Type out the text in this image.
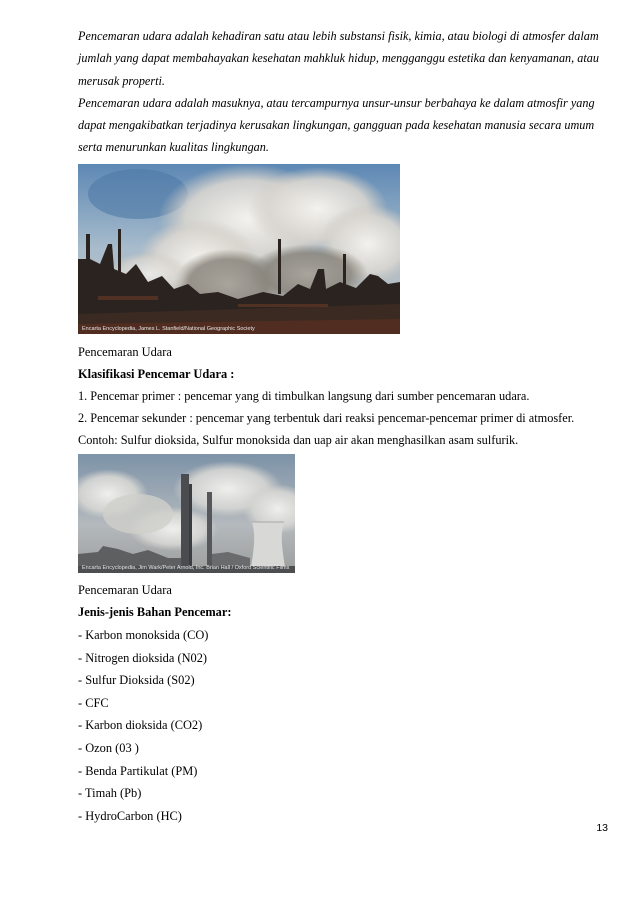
Pencemaran udara adalah kehadiran satu atau lebih substansi fisik, kimia, atau biologi di atmosfer dalam jumlah yang dapat membahayakan kesehatan mahkluk hidup, mengganggu estetika dan kenyamanan, atau merusak properti.

Pencemaran udara adalah masuknya, atau tercampurnya unsur-unsur berbahaya ke dalam atmosfir yang dapat mengakibatkan terjadinya kerusakan lingkungan, gangguan pada kesehatan manusia secara umum serta menurunkan kualitas lingkungan.

Encarta Encyclopedia, James L. Stanfield/National Geographic Society
Pencemaran Udara
Klasifikasi Pencemar Udara :
1. Pencemar primer : pencemar yang di timbulkan langsung dari sumber pencemaran udara.
2. Pencemar sekunder : pencemar yang terbentuk dari reaksi pencemar-pencemar primer di atmosfer.
Contoh: Sulfur dioksida, Sulfur monoksida dan uap air akan menghasilkan asam sulfurik.
Encarta Encyclopedia, Jim Wark/Peter Arnold, Inc. Brian Hall / Oxford Scientific Films
Pencemaran Udara
Jenis-jenis Bahan Pencemar:
- Karbon monoksida (CO)
- Nitrogen dioksida (N02)
- Sulfur Dioksida (S02)
- CFC
- Karbon dioksida (CO2)
- Ozon (03 )
- Benda Partikulat (PM)
- Timah (Pb)
- HydroCarbon (HC)
13
